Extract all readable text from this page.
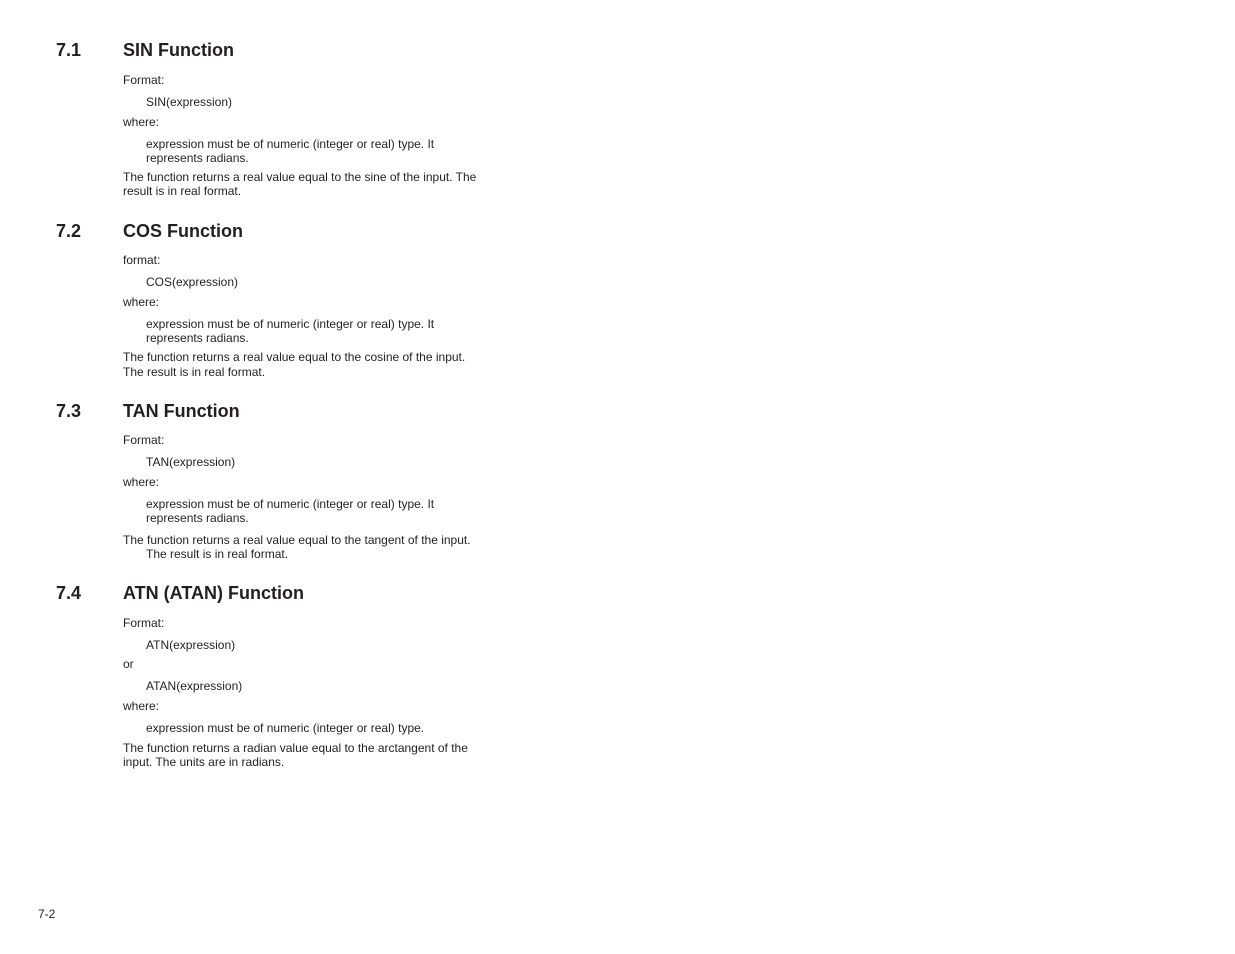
7.1 SIN Function

Format:

SIN(expression)

where:

expression must be of numeric (integer or real) type. It

represents radians.

The function returns a real value equal to the sine of the input. The

result is in real format.

7.2 COS Function

format:

COS(expression)

where:

expression must be of numeric (integer or real) type. It

represents radians.

The function returns a real value equal to the cosine of the input.

The result is in real format.

7.3 TAN Function

Format:

TAN(expression)

where:

expression must be of numeric (integer or real) type. It

represents radians.

The function returns a real value equal to the tangent of the input.

The result is in real format.

7.4 ATN (ATAN) Function

Format:

ATN(expression)

or

ATAN(expression)

where:

expression must be of numeric (integer or real) type.

The function returns a radian value equal to the arctangent of the

input. The units are in radians.

7-2
